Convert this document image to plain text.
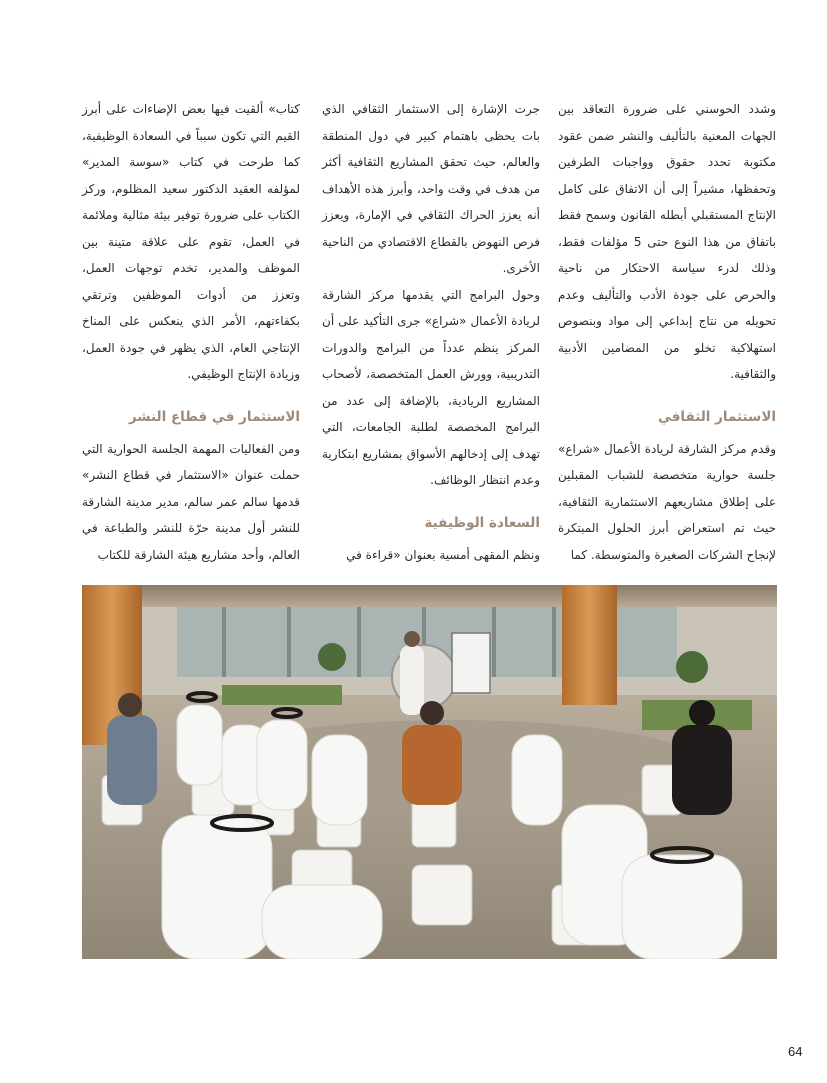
وشدد الحوسني على ضرورة التعاقد بين الجهات المعنية بالتأليف والنشر ضمن عقود مكتوبة تحدد حقوق وواجبات الطرفين وتحفظها، مشيراً إلى أن الاتفاق على كامل الإنتاج المستقبلي أبطله القانون وسمح فقط باتفاق من هذا النوع حتى 5 مؤلفات فقط، وذلك لدرء سياسة الاحتكار من ناحية والحرص على جودة الأدب والتأليف وعدم تحويله من نتاج إبداعي إلى مواد وبنصوص استهلاكية تخلو من المضامين الأدبية والثقافية.

الاستثمار الثقافي

وقدم مركز الشارقة لريادة الأعمال «شراع» جلسة حوارية متخصصة للشباب المقبلين على إطلاق مشاريعهم الاستثمارية الثقافية، حيث تم استعراض أبرز الحلول المبتكرة لإنجاح الشركات الصغيرة والمتوسطة. كما

جرت الإشارة إلى الاستثمار الثقافي الذي بات يحظى باهتمام كبير في دول المنطقة والعالم، حيث تحقق المشاريع الثقافية أكثر من هدف في وقت واحد، وأبرز هذه الأهداف أنه يعزز الحراك الثقافي في الإمارة، ويعزز فرص النهوض بالقطاع الاقتصادي من الناحية الأخرى.

وحول البرامج التي يقدمها مركز الشارقة لريادة الأعمال «شراع» جرى التأكيد على أن المركز ينظم عدداً من البرامج والدورات التدريبية، وورش العمل المتخصصة، لأصحاب المشاريع الريادية، بالإضافة إلى عدد من البرامج المخصصة لطلبة الجامعات، التي تهدف إلى إدخالهم الأسواق بمشاريع ابتكارية وعدم انتظار الوظائف.

السعادة الوظيفية

ونظم المقهى أمسية بعنوان «قراءة في

كتاب» ألقيت فيها بعض الإضاءات على أبرز القيم التي تكون سبباً في السعادة الوظيفية، كما طرحت في كتاب «سوسة المدير» لمؤلفه العقيد الدكتور سعيد المظلوم، وركز الكتاب على ضرورة توفير بيئة مثالية وملائمة في العمل، تقوم على علاقة متينة بين الموظف والمدير، تخدم توجهات العمل، وتعزز من أدوات الموظفين وترتقي بكفاءتهم، الأمر الذي ينعكس على المناخ الإنتاجي العام، الذي يظهر في جودة العمل، وزيادة الإنتاج الوظيفي.

الاستثمار في قطاع النشر

ومن الفعاليات المهمة الجلسة الحوارية التي حملت عنوان «الاستثمار في قطاع النشر» قدمها سالم عمر سالم، مدير مدينة الشارقة للنشر أول مدينة حرّة للنشر والطباعة في العالم، وأحد مشاريع هيئة الشارقة للكتاب

64
